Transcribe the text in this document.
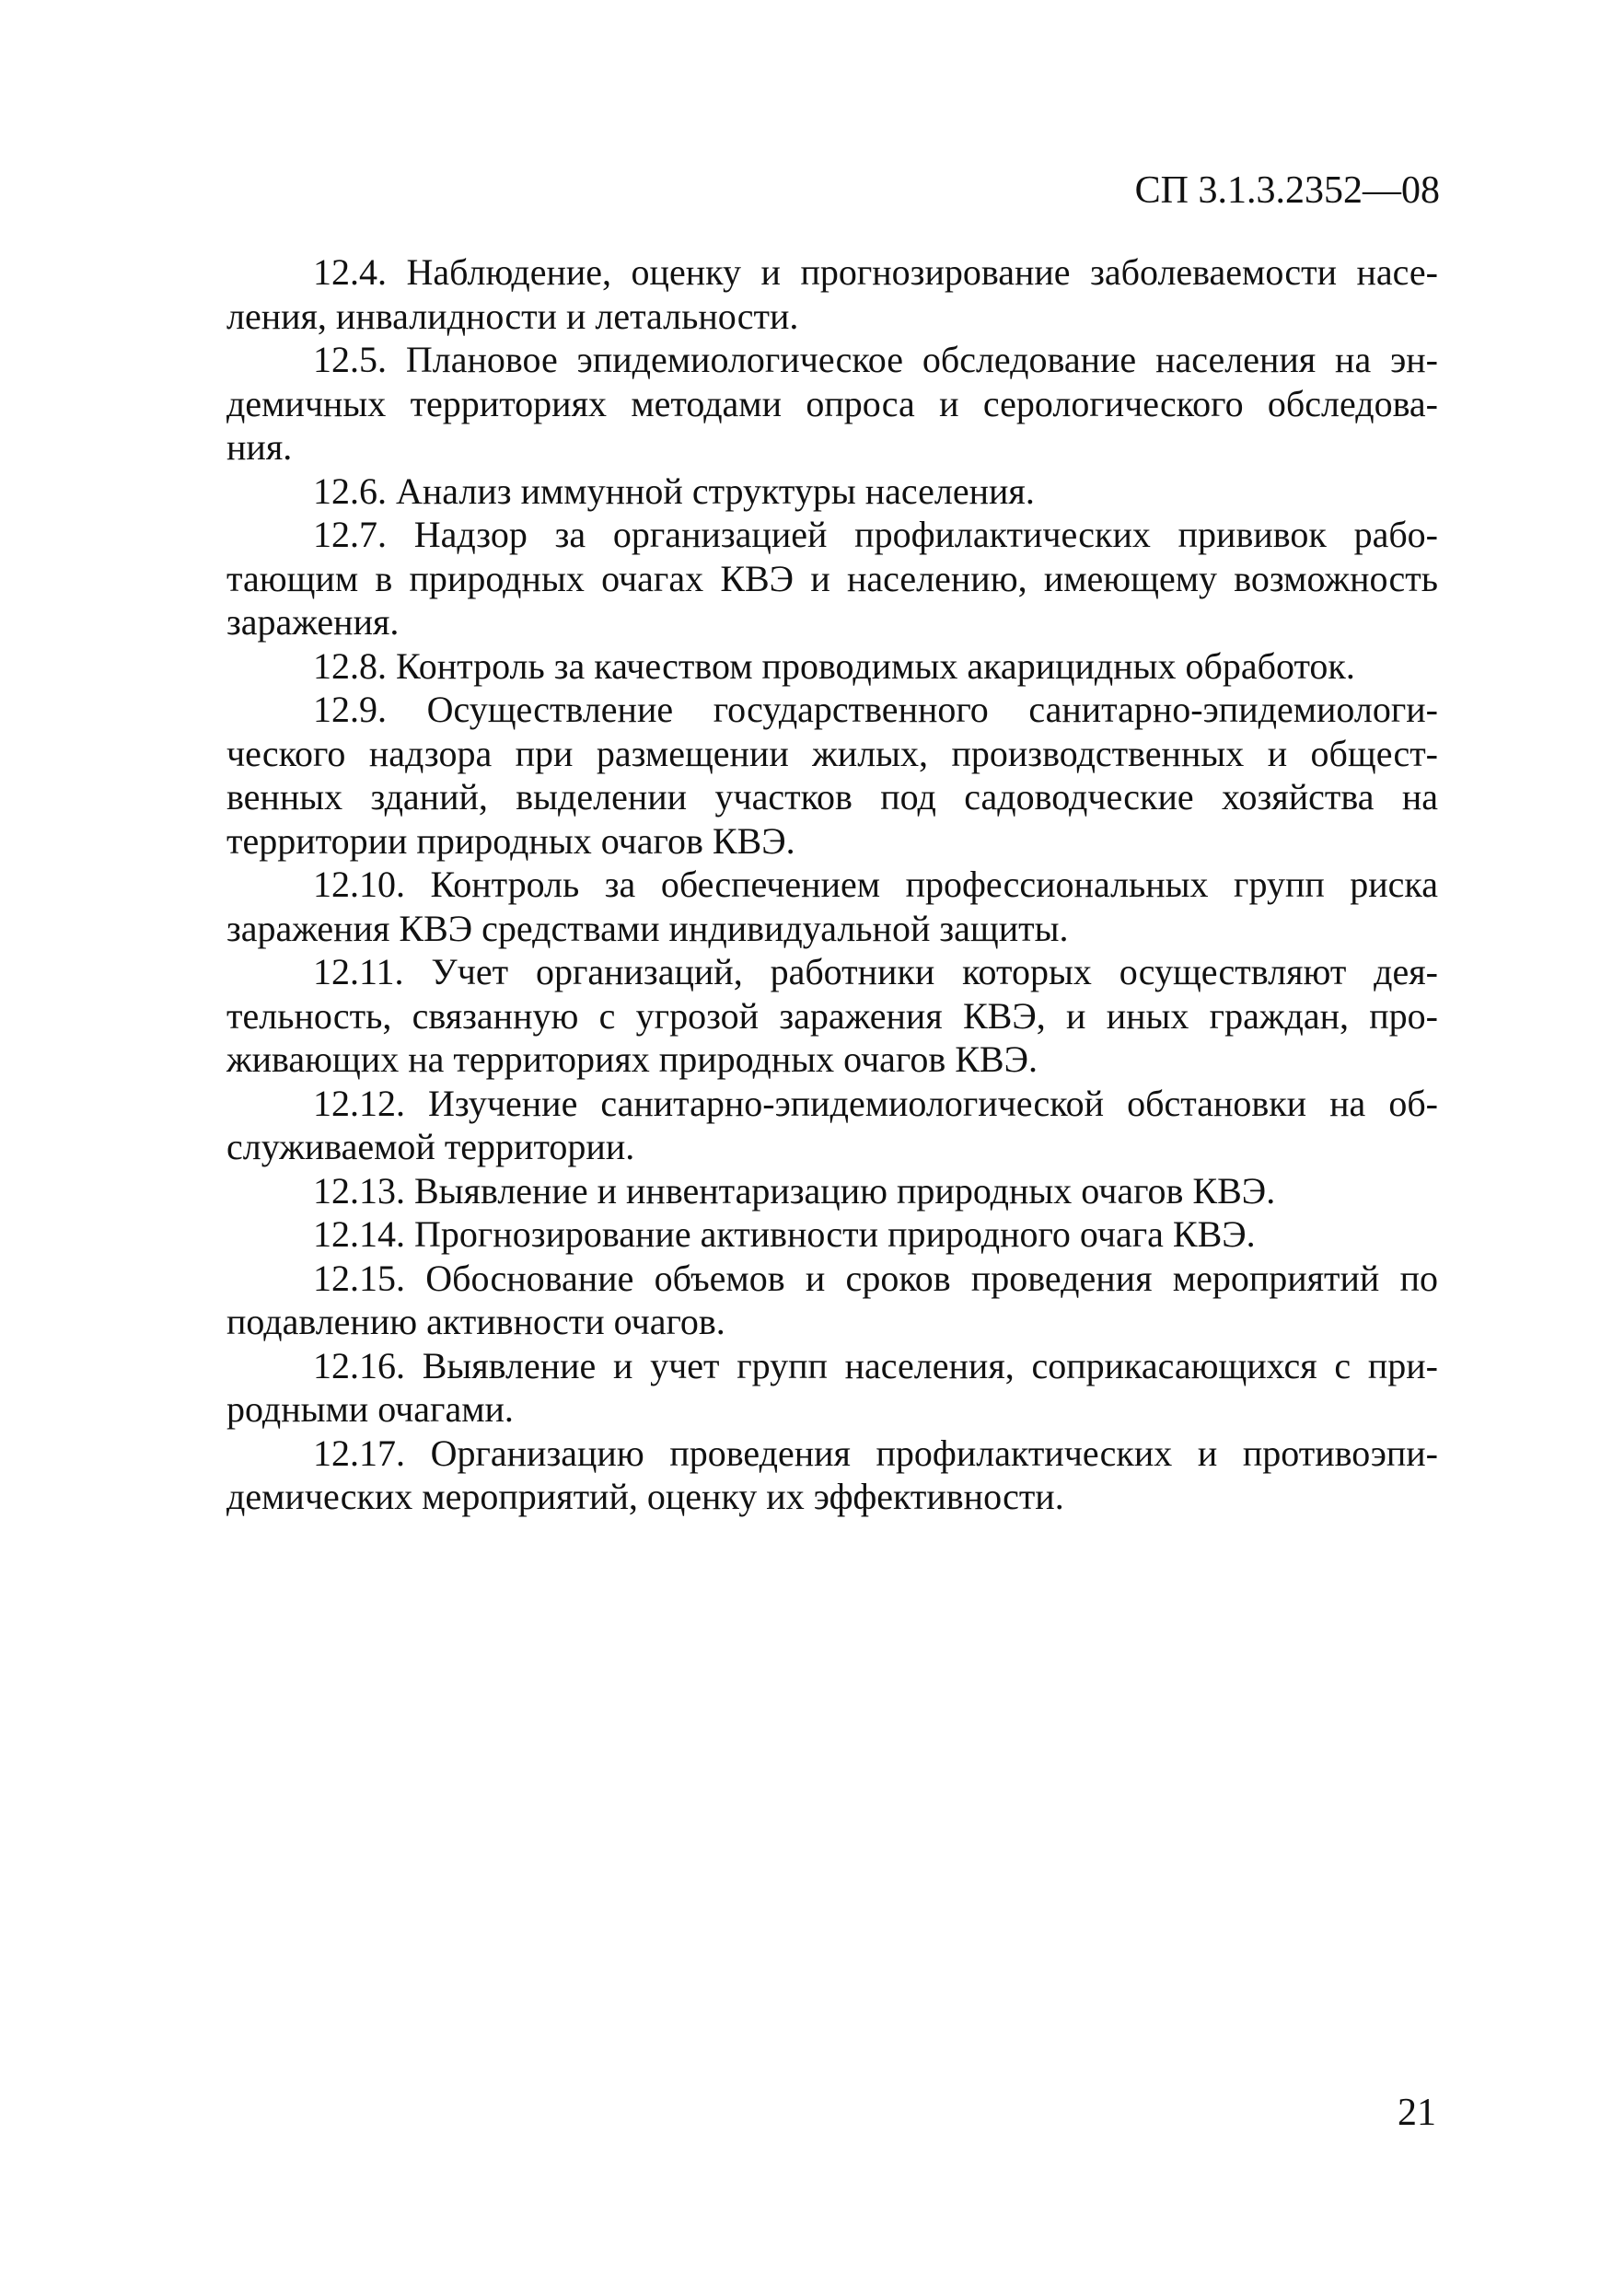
СП 3.1.3.2352—08

12.4. Наблюдение, оценку и прогнозирование заболеваемости насе-
ления, инвалидности и летальности.

12.5. Плановое эпидемиологическое обследование населения на эн-
демичных территориях методами опроса и серологического обследова-
ния.

12.6. Анализ иммунной структуры населения.

12.7. Надзор за организацией профилактических прививок рабо-
тающим в природных очагах КВЭ и населению, имеющему возможность
заражения.

12.8. Контроль за качеством проводимых акарицидных обработок.

12.9. Осуществление государственного санитарно-эпидемиологи-
ческого надзора при размещении жилых, производственных и общест-
венных зданий, выделении участков под садоводческие хозяйства на
территории природных очагов КВЭ.

12.10. Контроль за обеспечением профессиональных групп риска
заражения КВЭ средствами индивидуальной защиты.

12.11. Учет организаций, работники которых осуществляют дея-
тельность, связанную с угрозой заражения КВЭ, и иных граждан, про-
живающих на территориях природных очагов КВЭ.

12.12. Изучение санитарно-эпидемиологической обстановки на об-
служиваемой территории.

12.13. Выявление и инвентаризацию природных очагов КВЭ.

12.14. Прогнозирование активности природного очага КВЭ.

12.15. Обоснование объемов и сроков проведения мероприятий по
подавлению активности очагов.

12.16. Выявление и учет групп населения, соприкасающихся с при-
родными очагами.

12.17. Организацию проведения профилактических и противоэпи-
демических мероприятий, оценку их эффективности.

21
